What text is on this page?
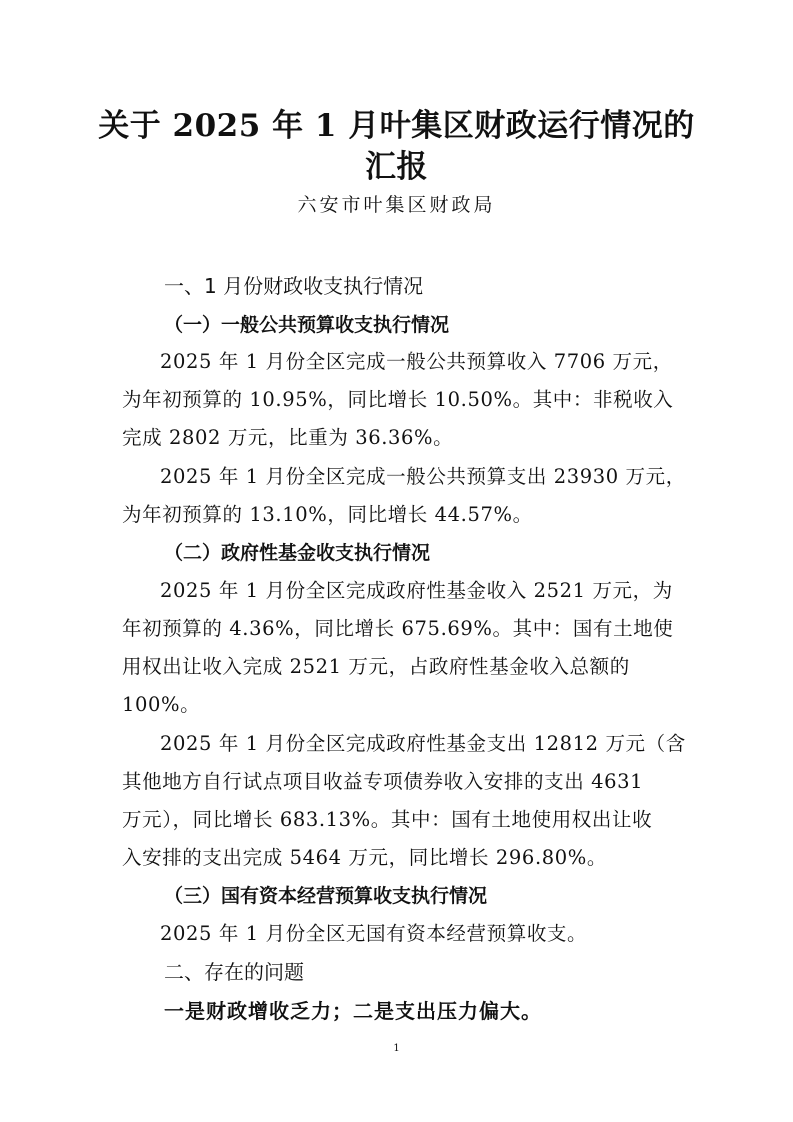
关于 2025 年 1 月叶集区财政运行情况的
汇报
六安市叶集区财政局
一、1 月份财政收支执行情况
（一）一般公共预算收支执行情况
2025 年 1 月份全区完成一般公共预算收入 7706 万元，
为年初预算的 10.95%，同比增长 10.50%。其中：非税收入
完成 2802 万元，比重为 36.36%。
2025 年 1 月份全区完成一般公共预算支出 23930 万元，
为年初预算的 13.10%，同比增长 44.57%。
（二）政府性基金收支执行情况
2025 年 1 月份全区完成政府性基金收入 2521 万元，为
年初预算的 4.36%，同比增长 675.69%。其中：国有土地使
用权出让收入完成 2521 万元，占政府性基金收入总额的
100%。
2025 年 1 月份全区完成政府性基金支出 12812 万元（含
其他地方自行试点项目收益专项债券收入安排的支出 4631
万元），同比增长 683.13%。其中：国有土地使用权出让收
入安排的支出完成 5464 万元，同比增长 296.80%。
（三）国有资本经营预算收支执行情况
2025 年 1 月份全区无国有资本经营预算收支。
二、存在的问题
一是财政增收乏力；二是支出压力偏大。
1
